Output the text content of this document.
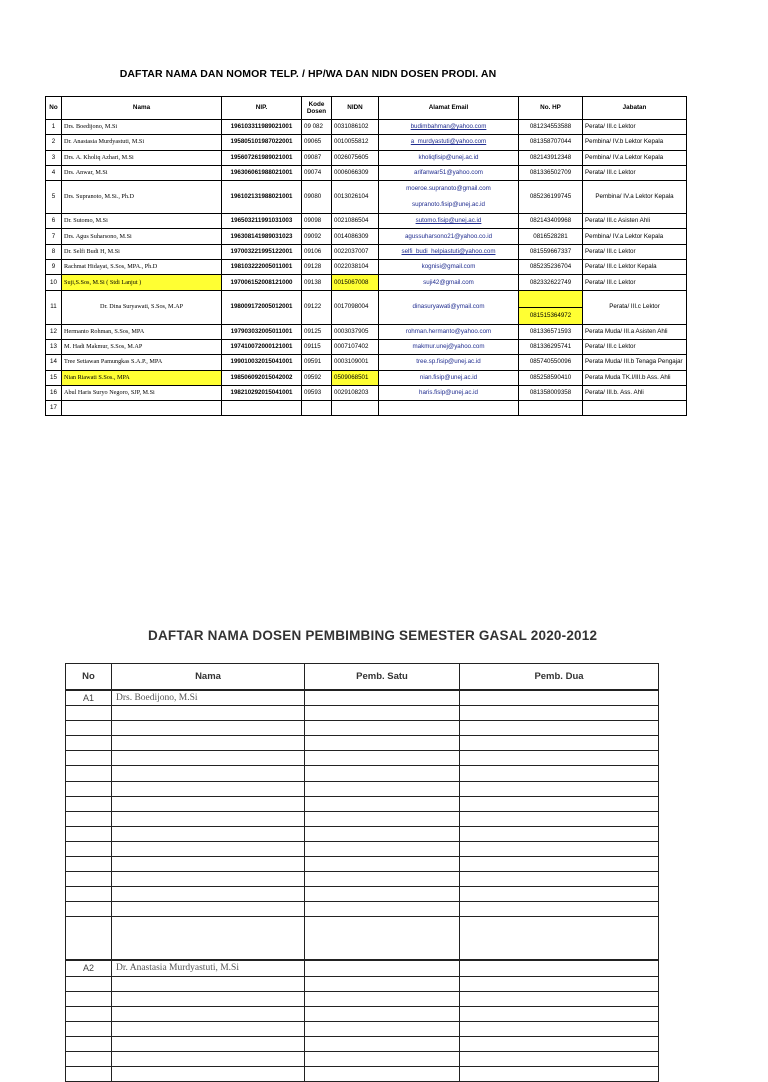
DAFTAR NAMA DAN NOMOR TELP. / HP/WA DAN NIDN DOSEN PRODI. AN
No	Nama	NIP.	Kode Dosen	NIDN	Alamat Email	No. HP	Jabatan
1	Drs. Boedijono, M.Si	196103311989021001	09 082	0031086102	budimbahman@yahoo.com	081234553588	Perata/ III.c Lektor
2	Dr. Anastasia Murdyastuti, M.Si	195805101987022001	09065	0010055812	a_murdyastuti@yahoo.com	081358707044	Pembina/ IV.b Lektor Kepala
3	Drs. A. Kholiq Azhari, M.Si	195607261989021001	09087	0026075605	kholiqfisip@unej.ac.id	082143912348	Pembina/ IV.a Lektor Kepala
4	Drs. Anwar, M.Si	196306061988021001	09074	0006066309	arifanwar51@yahoo.com	081336502709	Perata/ III.c Lektor
5	Drs. Supranoto, M.Si., Ph.D	196102131988021001	09080	0013026104	moeroe.supranoto@gmail.com
supranoto.fisip@unej.ac.id	085236199745	Pembina/ IV.a Lektor Kepala
6	Dr. Sutomo, M.Si	196503211991031003	09098	0021086504	sutomo.fisip@unej.ac.id	082143409968	Perata/ III.c Asisten Ahli
7	Drs. Agus Suharsono, M.Si	196308141989031023	09092	0014086309	agussuharsono21@yahoo.co.id	0816528281	Pembina/ IV.a Lektor Kepala
8	Dr. Selfi Budi H, M.Si	197003221995122001	09106	0022037007	selfi_budi_helpiastuti@yahoo.com	081559667337	Perata/ III.c Lektor
9	Rachmat Hidayat, S.Sos, MPA., Ph.D	198103222005011001	09128	0022038104	kognisi@gmail.com	085235236704	Perata/ III.c Lektor Kepala
10	Suji,S.Sos, M.Si ( Stdi Lanjut )	197006152008121000	09138	0015067008	suji42@gmail.com	082332622749	Perata/ III.c Lektor
11	Dr. Dina Suryawati, S.Sos, M.AP	198009172005012001	09122	0017098004	dinasuryawati@ymail.com	081515364972	Perata/ III.c Lektor
12	Hermanto Rohman, S.Sos, MPA	197903032005011001	09125	0003037905	rohman.hermanto@yahoo.com	081336571593	Perata Muda/ III.a Asisten Ahli
13	M. Hadi Makmur, S.Sos, M.AP	197410072000121001	09115	0007107402	makmur.unej@yahoo.com	081336295741	Perata/ III.c Lektor
14	Tree Setiawan Pamungkas S.A.P., MPA	199010032015041001	09591	0003109001	tree.sp.fisip@unej.ac.id	085740550096	Perata Muda/ III.b Tenaga Pengajar
15	Nian Riawati S.Sos., MPA	198506092015042002	09592	0509068501	nian.fisip@unej.ac.id	085258590410	Perata Muda TK.I/III.b Ass. Ahli
16	Abul Haris Suryo Negoro, SJP, M.Si	198210292015041001	09593	0029108203	haris.fisip@unej.ac.id	081358009358	Perata/ III.b. Ass. Ahli
17							
DAFTAR NAMA DOSEN PEMBIMBING SEMESTER GASAL 2020-2012
No	Nama	Pemb. Satu	Pemb. Dua
A1	Drs. Boedijono, M.Si		

A2	Dr. Anastasia Murdyastuti, M.Si		
